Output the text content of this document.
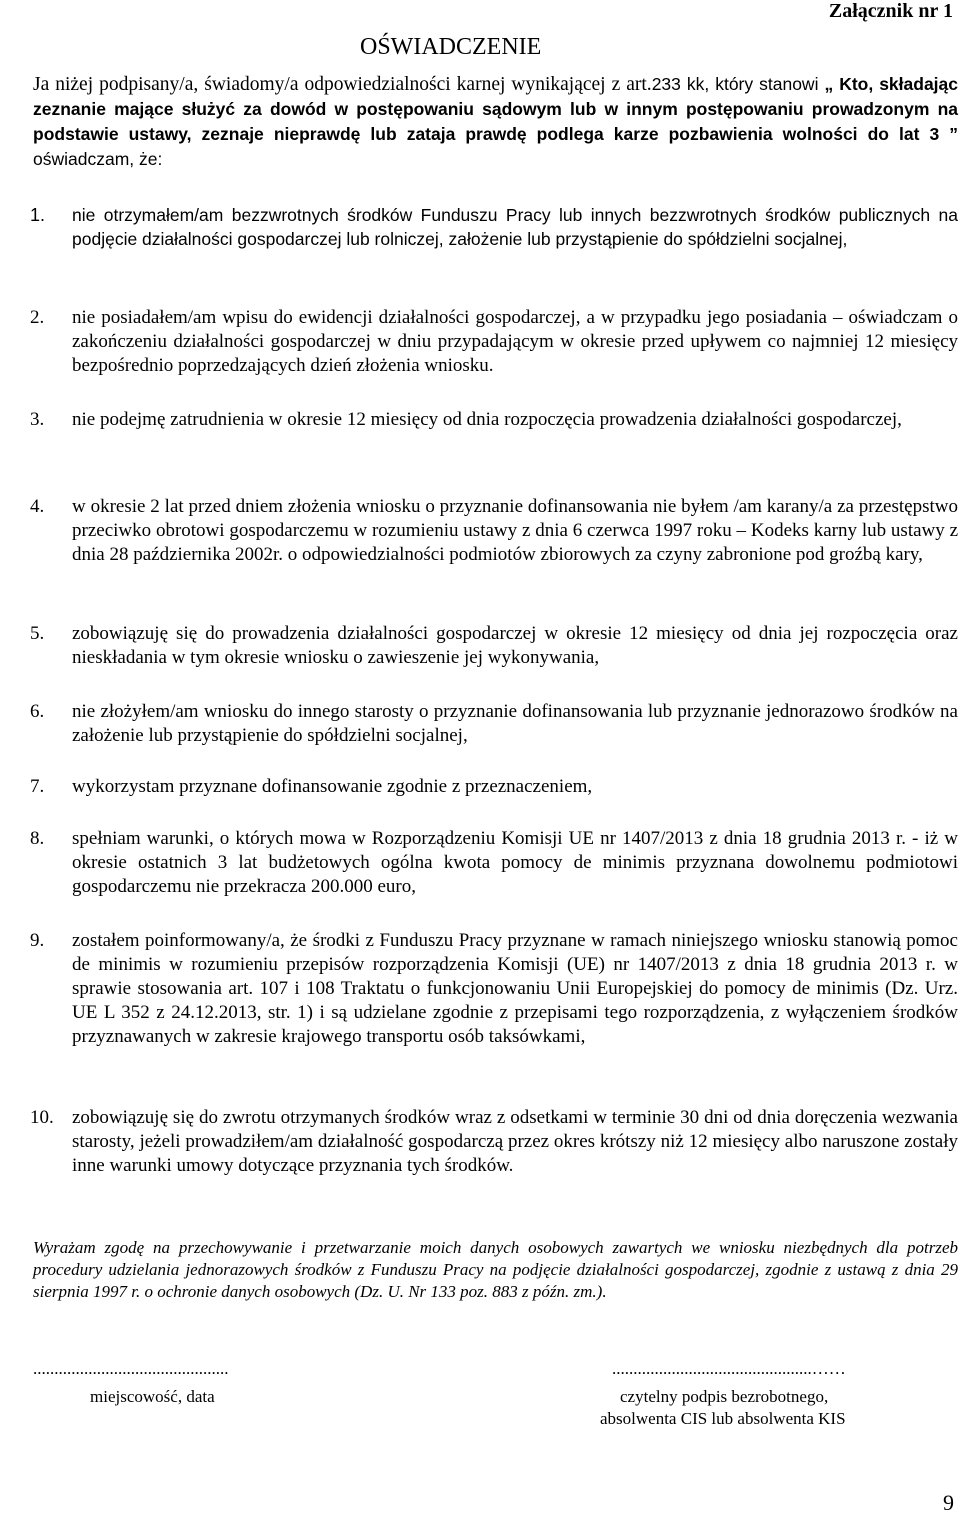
Załącznik nr 1
OŚWIADCZENIE
Ja niżej podpisany/a, świadomy/a odpowiedzialności karnej wynikającej z art.233 kk, który stanowi „ Kto, składając zeznanie mające służyć za dowód w postępowaniu sądowym lub w innym postępowaniu prowadzonym na podstawie ustawy, zeznaje nieprawdę lub zataja prawdę podlega karze pozbawienia wolności do lat 3 ” oświadczam, że:
1. nie otrzymałem/am bezzwrotnych środków Funduszu Pracy lub innych bezzwrotnych środków publicznych na podjęcie działalności gospodarczej lub rolniczej, założenie lub przystąpienie do spółdzielni socjalnej,
2. nie posiadałem/am wpisu do ewidencji działalności gospodarczej, a w przypadku jego posiadania – oświadczam o zakończeniu działalności gospodarczej w dniu przypadającym w okresie przed upływem co najmniej 12 miesięcy bezpośrednio poprzedzających dzień złożenia wniosku.
3. nie podejmę zatrudnienia w okresie 12 miesięcy od dnia rozpoczęcia prowadzenia działalności gospodarczej,
4. w okresie 2 lat przed dniem złożenia wniosku o przyznanie dofinansowania nie byłem /am karany/a za przestępstwo przeciwko obrotowi gospodarczemu w rozumieniu ustawy z dnia 6 czerwca 1997 roku – Kodeks karny lub ustawy z dnia 28 października 2002r. o odpowiedzialności podmiotów zbiorowych za czyny zabronione pod groźbą kary,
5. zobowiązuję się do prowadzenia działalności gospodarczej w okresie 12 miesięcy od dnia jej rozpoczęcia oraz nieskładania w tym okresie wniosku o zawieszenie jej wykonywania,
6. nie złożyłem/am wniosku do innego starosty o przyznanie dofinansowania lub przyznanie jednorazowo środków na założenie lub przystąpienie do spółdzielni socjalnej,
7. wykorzystam przyznane dofinansowanie zgodnie z przeznaczeniem,
8. spełniam warunki, o których mowa w Rozporządzeniu Komisji UE nr 1407/2013 z dnia 18 grudnia 2013 r. - iż w okresie ostatnich 3 lat budżetowych ogólna kwota pomocy de minimis przyznana dowolnemu podmiotowi gospodarczemu nie przekracza 200.000 euro,
9. zostałem poinformowany/a, że środki z Funduszu Pracy przyznane w ramach niniejszego wniosku stanowią pomoc de minimis w rozumieniu przepisów rozporządzenia Komisji (UE) nr 1407/2013 z dnia 18 grudnia 2013 r. w sprawie stosowania art. 107 i 108 Traktatu o funkcjonowaniu Unii Europejskiej do pomocy de minimis (Dz. Urz. UE L 352 z 24.12.2013, str. 1) i są udzielane zgodnie z przepisami tego rozporządzenia, z wyłączeniem środków przyznawanych w zakresie krajowego transportu osób taksówkami,
10. zobowiązuję się do zwrotu otrzymanych środków wraz z odsetkami w terminie 30 dni od dnia doręczenia wezwania starosty, jeżeli prowadziłem/am działalność gospodarczą przez okres krótszy niż 12 miesięcy albo naruszone zostały inne warunki umowy dotyczące przyznania tych środków.
Wyrażam zgodę na przechowywanie i przetwarzanie moich danych osobowych zawartych we wniosku niezbędnych dla potrzeb procedury udzielania jednorazowych środków z Funduszu Pracy na podjęcie działalności gospodarczej, zgodnie z ustawą z dnia 29 sierpnia 1997 r. o ochronie danych osobowych (Dz. U. Nr 133 poz. 883 z późn. zm.).
..............................................
miejscowość, data
...............................................……
czytelny podpis bezrobotnego,
absolwenta CIS lub absolwenta KIS
9
